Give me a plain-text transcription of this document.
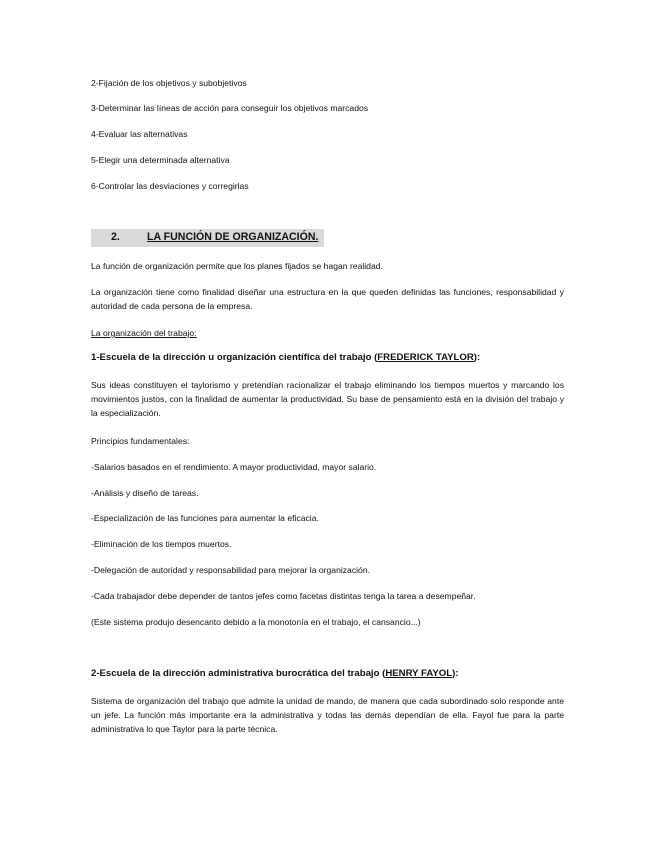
2-Fijación de los objetivos y subobjetivos

3-Determinar las líneas de acción para conseguir los objetivos marcados

4-Evaluar las alternativas

5-Elegir una determinada alternativa

6-Controlar las desviaciones y corregirlas

2.	LA FUNCIÓN DE ORGANIZACIÓN.

La función de organización permite que los planes fijados se hagan realidad.

La organización tiene como finalidad diseñar una estructura en la que queden definidas las funciones, responsabilidad y autoridad de cada persona de la empresa.

La organización del trabajo:

1-Escuela de la dirección u organización científica del trabajo (FREDERICK TAYLOR):

Sus ideas constituyen el taylorismo y pretendían racionalizar el trabajo eliminando los tiempos muertos y marcando los movimientos justos, con la finalidad de aumentar la productividad. Su base de pensamiento está en la división del trabajo y la especialización.

Principios fundamentales:

-Salarios basados en el rendimiento. A mayor productividad, mayor salario.

-Análisis y diseño de tareas.

-Especialización de las funciones para aumentar la eficacia.

-Eliminación de los tiempos muertos.

-Delegación de autoridad y responsabilidad para mejorar la organización.

-Cada trabajador debe depender de tantos jefes como facetas distintas tenga la tarea a desempeñar.

(Este sistema produjo desencanto debido a la monotonía en el trabajo, el cansancio...)

2-Escuela de la dirección administrativa burocrática del trabajo (HENRY FAYOL):

Sistema de organización del trabajo que admite la unidad de mando, de manera que cada subordinado solo responde ante un jefe. La función más importante era la administrativa y todas las demás dependían de ella. Fayol fue para la parte administrativa lo que Taylor para la parte técnica.
